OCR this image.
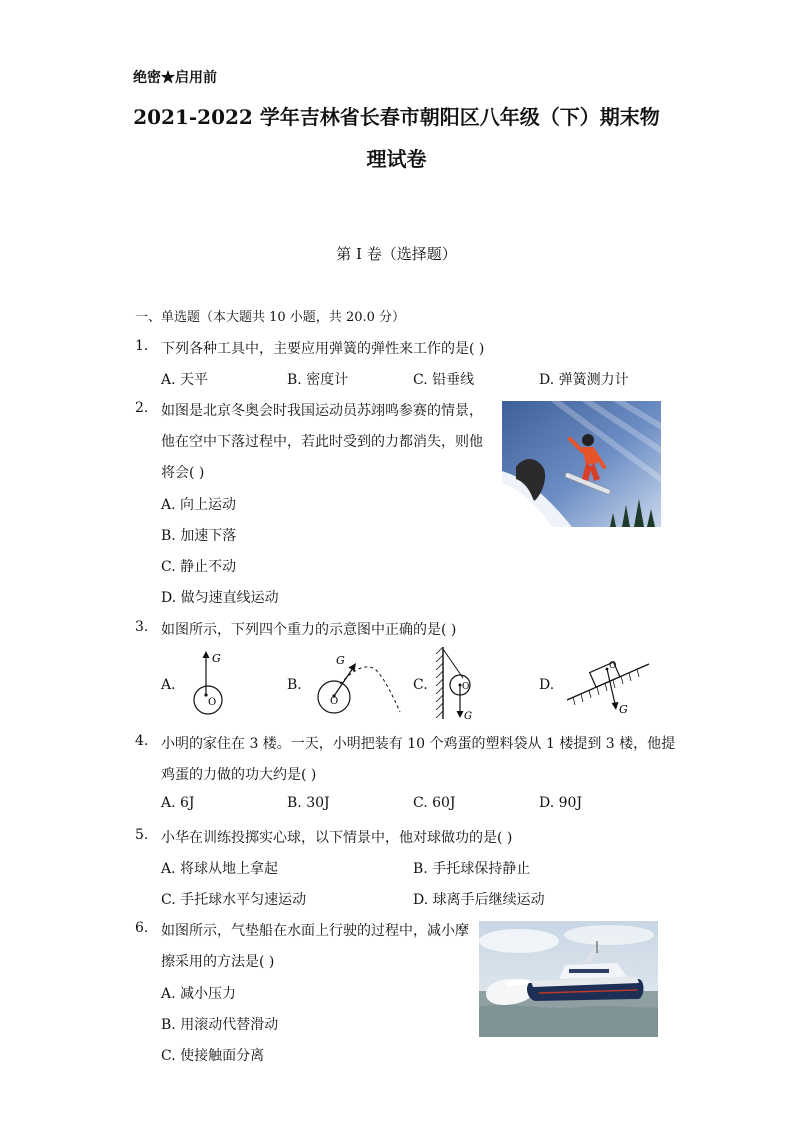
绝密★启用前
2021-2022 学年吉林省长春市朝阳区八年级（下）期末物
理试卷
第 I 卷（选择题）
一、单选题（本大题共 10 小题，共 20.0 分）
1. 下列各种工具中，主要应用弹簧的弹性来工作的是( )
A. 天平	B. 密度计	C. 铅垂线	D. 弹簧测力计
2. 如图是北京冬奥会时我国运动员苏翊鸣参赛的情景，
他在空中下落过程中，若此时受到的力都消失，则他
将会( )
A. 向上运动
B. 加速下落
C. 静止不动
D. 做匀速直线运动
3. 如图所示，下列四个重力的示意图中正确的是( )
A.	B.	C.	D.
G
O
G
O
G
O
G
O
4. 小明的家住在 3 楼。一天，小明把装有 10 个鸡蛋的塑料袋从 1 楼提到 3 楼，他提
鸡蛋的力做的功大约是( )
A. 6J	B. 30J	C. 60J	D. 90J
5. 小华在训练投掷实心球，以下情景中，他对球做功的是( )
A. 将球从地上拿起	B. 手托球保持静止
C. 手托球水平匀速运动	D. 球离手后继续运动
6. 如图所示，气垫船在水面上行驶的过程中，减小摩
擦采用的方法是( )
A. 减小压力
B. 用滚动代替滑动
C. 使接触面分离
